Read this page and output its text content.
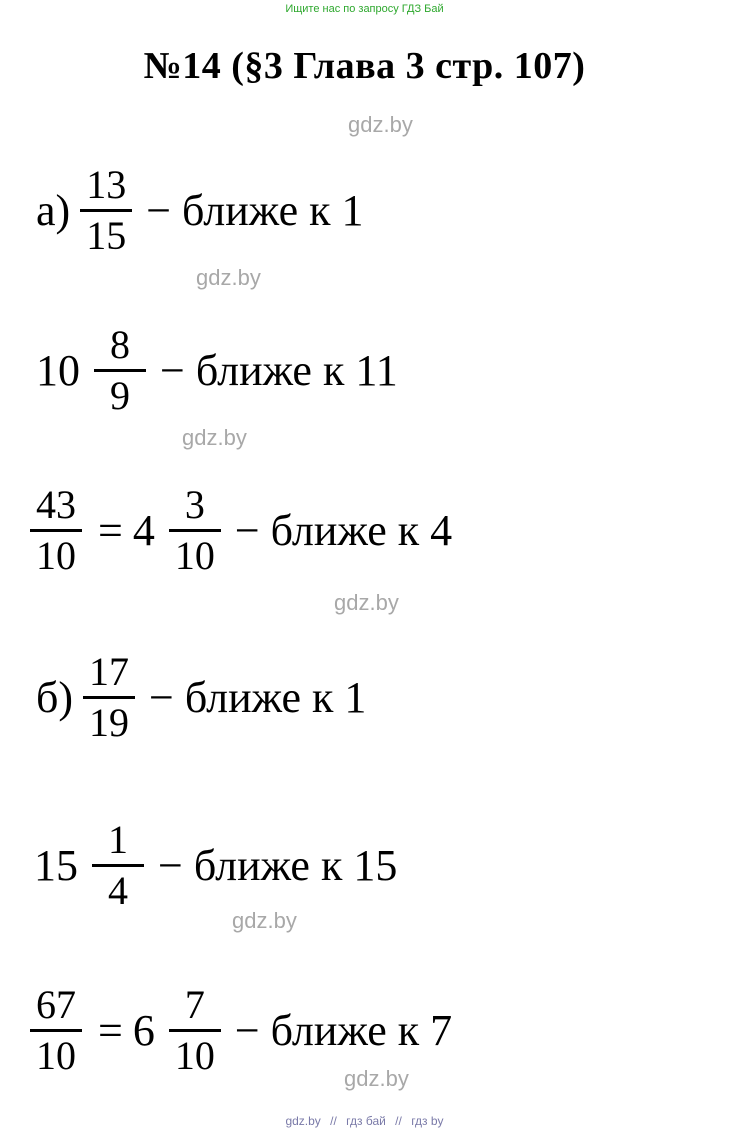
Ищите нас по запросу ГДЗ Бай
№14 (§3 Глава 3 стр. 107)
gdz.by
gdz.by
gdz.by
gdz.by
gdz.by
gdz.by
$а) \frac{13}{15}$ − ближе к 1
$10 \frac{8}{9}$ − ближе к 11
$\frac{43}{10} = 4 \frac{3}{10}$ − ближе к 4
$б) \frac{17}{19}$ − ближе к 1
$15 \frac{1}{4}$ − ближе к 15
$\frac{67}{10} = 6 \frac{7}{10}$ − ближе к 7
gdz.by // гдз бай // гдз by
